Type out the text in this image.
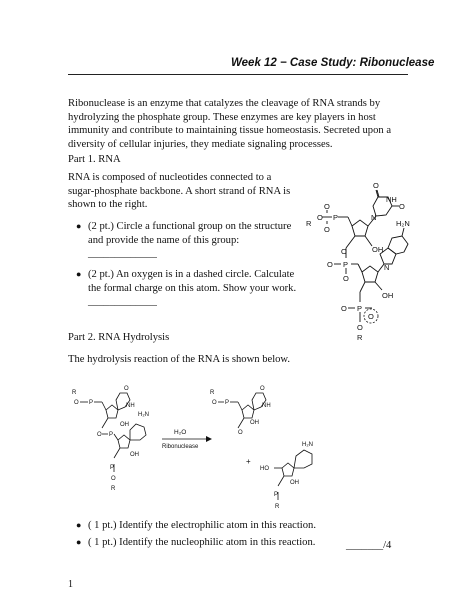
Week 12 − Case Study: Ribonuclease
Ribonuclease is an enzyme that catalyzes the cleavage of RNA strands by hydrolyzing the phosphate group. These enzymes are key players in host immunity and contribute to maintaining tissue homeostasis. Secreted upon a diversity of cellular injuries, they mediate signaling processes.
Part 1. RNA
RNA is composed of nucleotides connected to a sugar-phosphate backbone. A short strand of RNA is shown to the right.
● (2 pt.) Circle a functional group on the structure and provide the name of this group: _____________
● (2 pt.) An oxygen is in a dashed circle. Calculate the formal charge on this atom. Show your work. _____________
R
O P
O
O
O
O
NH
N
O	OH
O P
O
H₂N
N
OH
O P
O
O
R
Part 2. RNA Hydrolysis
The hydrolysis reaction of the RNA is shown below.
R
O P
O
NH
H₂N
OH
O P
OH
P
O
R
R
O P
O
OH
O
NH
HO
H₂N
OH
P
R
H₂O
Ribonuclease
+
● ( 1 pt.) Identify the electrophilic atom in this reaction.
● ( 1 pt.) Identify the nucleophilic atom in this reaction.	_______/4
1
